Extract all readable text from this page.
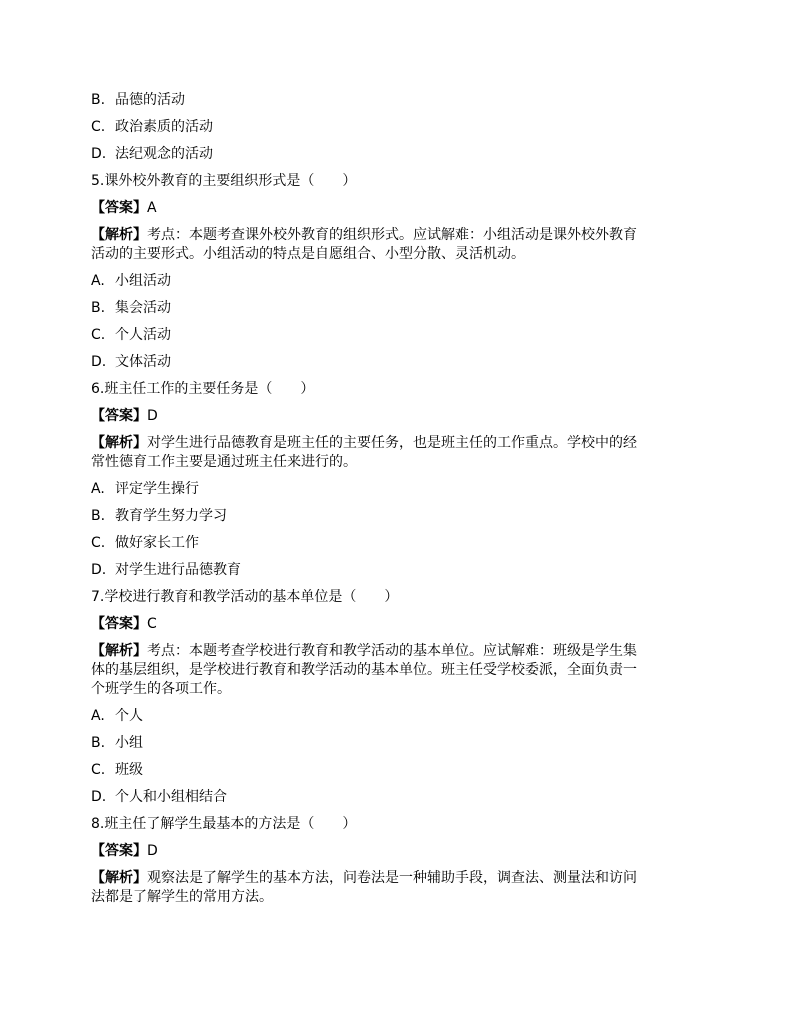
B. 品德的活动
C. 政治素质的活动
D. 法纪观念的活动
5.课外校外教育的主要组织形式是（　　）
【答案】A

【解析】考点：本题考查课外校外教育的组织形式。应试解难：小组活动是课外校外教育

活动的主要形式。小组活动的特点是自愿组合、小型分散、灵活机动。

A. 小组活动
B. 集会活动
C. 个人活动
D. 文体活动
6.班主任工作的主要任务是（　　）
【答案】D

【解析】对学生进行品德教育是班主任的主要任务，也是班主任的工作重点。学校中的经

常性德育工作主要是通过班主任来进行的。

A. 评定学生操行
B. 教育学生努力学习
C. 做好家长工作
D. 对学生进行品德教育
7.学校进行教育和教学活动的基本单位是（　　）
【答案】C

【解析】考点：本题考查学校进行教育和教学活动的基本单位。应试解难：班级是学生集

体的基层组织，是学校进行教育和教学活动的基本单位。班主任受学校委派，全面负责一

个班学生的各项工作。

A. 个人
B. 小组
C. 班级
D. 个人和小组相结合
8.班主任了解学生最基本的方法是（　　）
【答案】D

【解析】观察法是了解学生的基本方法，问卷法是一种辅助手段，调查法、测量法和访问

法都是了解学生的常用方法。
